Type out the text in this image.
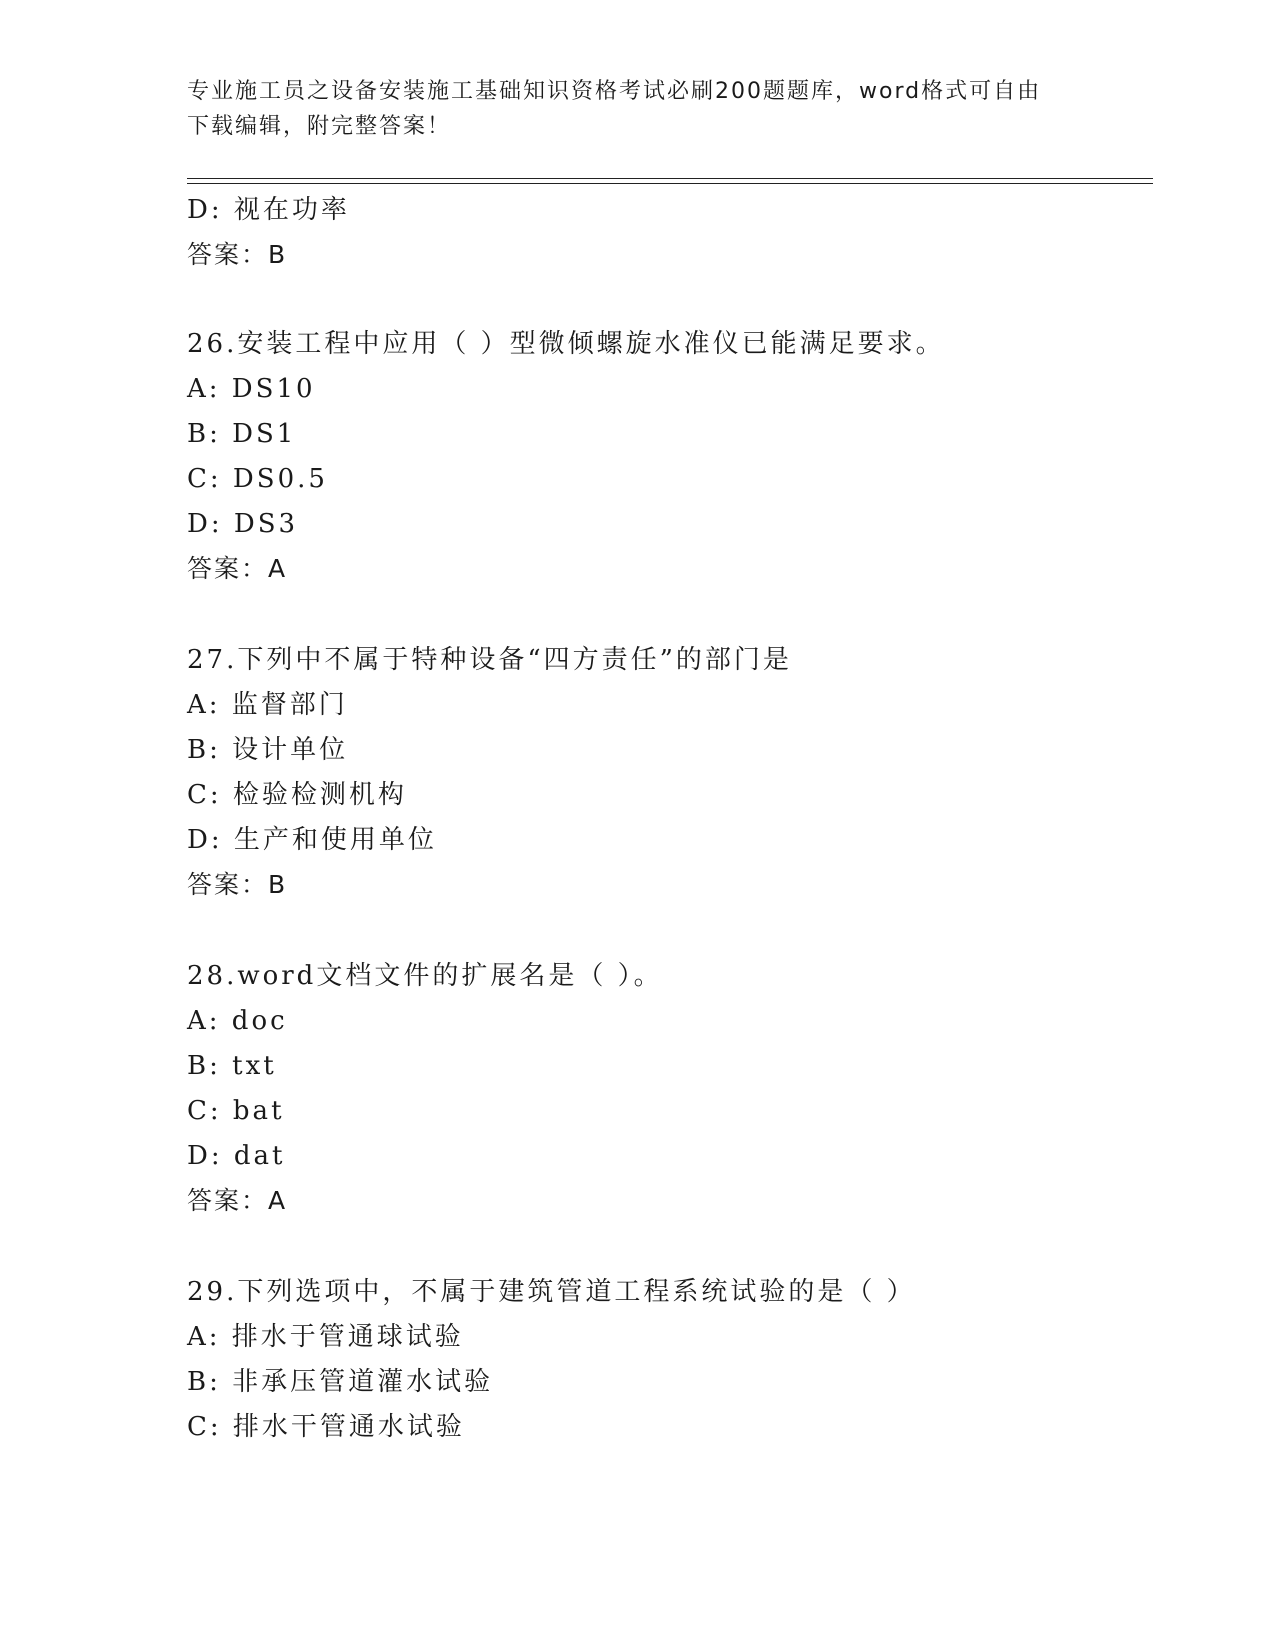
专业施工员之设备安装施工基础知识资格考试必刷200题题库，word格式可自由
下载编辑，附完整答案！
D: 视在功率
答案：B
26.安装工程中应用（ ）型微倾螺旋水准仪已能满足要求。
A: DS10
B: DS1
C: DS0.5
D: DS3
答案：A
27.下列中不属于特种设备“四方责任”的部门是
A: 监督部门
B: 设计单位
C: 检验检测机构
D: 生产和使用单位
答案：B
28.word文档文件的扩展名是（ ）。
A: doc
B: txt
C: bat
D: dat
答案：A
29.下列选项中，不属于建筑管道工程系统试验的是（ ）
A: 排水于管通球试验
B: 非承压管道灌水试验
C: 排水干管通水试验
